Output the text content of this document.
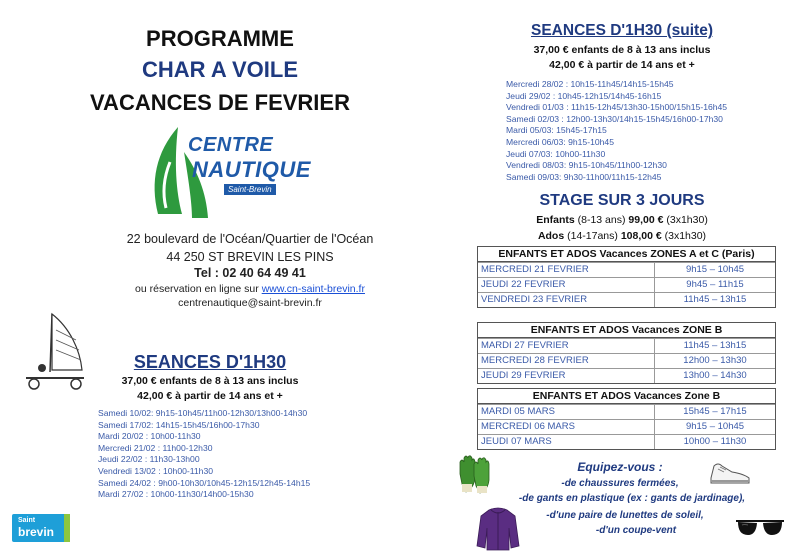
PROGRAMME
CHAR A VOILE
VACANCES DE FEVRIER
CENTRE
NAUTIQUE
Saint-Brevin
22 boulevard de l'Océan/Quartier de l'Océan
44 250 ST BREVIN LES PINS
Tel : 02 40 64 49 41
ou réservation en ligne sur www.cn-saint-brevin.fr
centrenautique@saint-brevin.fr
SEANCES D'1H30
37,00 € enfants de 8 à 13 ans inclus
42,00 € à partir de 14 ans et +
Samedi 10/02: 9h15-10h45/11h00-12h30/13h00-14h30
Samedi 17/02: 14h15-15h45/16h00-17h30
Mardi 20/02 : 10h00-11h30
Mercredi 21/02 : 11h00-12h30
Jeudi 22/02 : 11h30-13h00
Vendredi 13/02 : 10h00-11h30
Samedi 24/02 : 9h00-10h30/10h45-12h15/12h45-14h15
Mardi 27/02 : 10h00-11h30/14h00-15h30
Saint
brevin
SEANCES D'1H30 (suite)
37,00 € enfants de 8 à 13 ans inclus
42,00 € à partir de 14 ans et +
Mercredi 28/02 : 10h15-11h45/14h15-15h45
Jeudi 29/02 : 10h45-12h15/14h45-16h15
Vendredi 01/03 : 11h15-12h45/13h30-15h00/15h15-16h45
Samedi 02/03 : 12h00-13h30/14h15-15h45/16h00-17h30
Mardi 05/03: 15h45-17h15
Mercredi 06/03: 9h15-10h45
Jeudi 07/03: 10h00-11h30
Vendredi 08/03: 9h15-10h45/11h00-12h30
Samedi 09/03: 9h30-11h00/11h15-12h45
STAGE SUR 3 JOURS
Enfants (8-13 ans) 99,00 € (3x1h30)
Ados (14-17ans) 108,00 € (3x1h30)
ENFANTS ET ADOS Vacances ZONES A et C (Paris)
MERCREDI 21 FEVRIER	9h15 – 10h45
JEUDI 22 FEVRIER	9h45 – 11h15
VENDREDI 23 FEVRIER	11h45 – 13h15
ENFANTS ET ADOS Vacances ZONE B
MARDI 27 FEVRIER	11h45 – 13h15
MERCREDI 28 FEVRIER	12h00 – 13h30
JEUDI 29 FEVRIER	13h00 – 14h30
ENFANTS ET ADOS Vacances Zone B
MARDI 05 MARS	15h45 – 17h15
MERCREDI 06 MARS	9h15 – 10h45
JEUDI 07 MARS	10h00 – 11h30
Equipez-vous :
-de chaussures fermées,
-de gants en plastique (ex : gants de jardinage),
-d'une paire de lunettes de soleil,
-d'un coupe-vent
